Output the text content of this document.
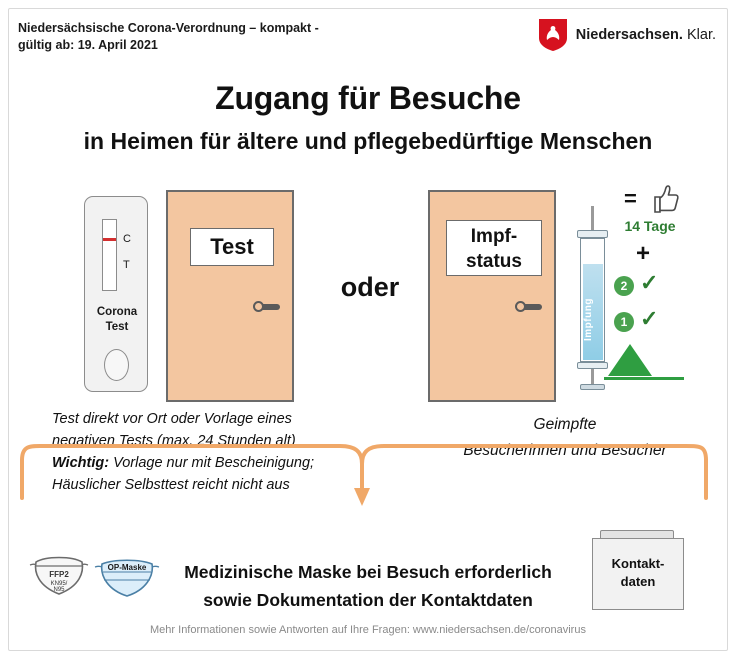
Niedersächsische Corona-Verordnung – kompakt -
gültig ab: 19. April 2021
Niedersachsen. Klar.
Zugang für Besuche
in Heimen für ältere und pflegebedürftige Menschen
C
T
Corona
Test
Test
oder
Impf-
status
Impfung
=
14 Tage
+
2 ✓
1 ✓
Test direkt vor Ort oder Vorlage eines
negativen Tests (max. 24 Stunden alt)
Wichtig: Vorlage nur mit Bescheinigung;
Häuslicher Selbsttest reicht nicht aus
Geimpfte
Besucherinnen und Besucher
FFP2
KN95/
N95
OP-Maske	Medizinische Maske bei Besuch erforderlich
sowie Dokumentation der Kontaktdaten
Kontakt-
daten
Mehr Informationen sowie Antworten auf Ihre Fragen: www.niedersachsen.de/coronavirus
